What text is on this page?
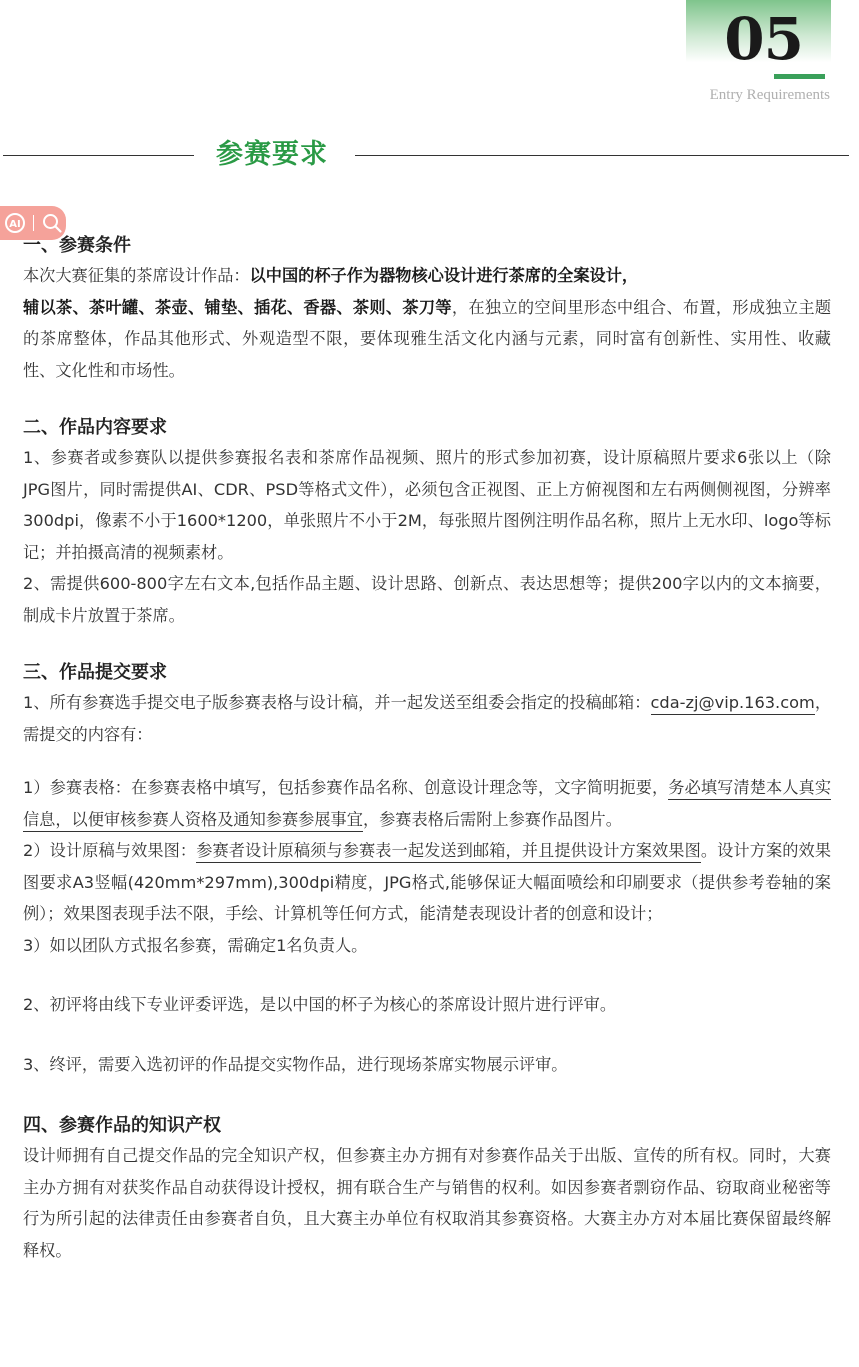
05
Entry Requirements
参赛要求
AI
一、参赛条件

本次大赛征集的茶席设计作品：以中国的杯子作为器物核心设计进行茶席的全案设计，
辅以茶、茶叶罐、茶壶、铺垫、插花、香器、茶则、茶刀等，在独立的空间里形态中组合、布置，形成独立主题的茶席整体，作品其他形式、外观造型不限，要体现雅生活文化内涵与元素，同时富有创新性、实用性、收藏性、文化性和市场性。

二、作品内容要求

1、参赛者或参赛队以提供参赛报名表和茶席作品视频、照片的形式参加初赛，设计原稿照片要求6张以上（除JPG图片，同时需提供AI、CDR、PSD等格式文件），必须包含正视图、正上方俯视图和左右两侧侧视图，分辨率300dpi，像素不小于1600*1200，单张照片不小于2M，每张照片图例注明作品名称，照片上无水印、logo等标记；并拍摄高清的视频素材。

2、需提供600-800字左右文本,包括作品主题、设计思路、创新点、表达思想等；提供200字以内的文本摘要，制成卡片放置于茶席。

三、作品提交要求

1、所有参赛选手提交电子版参赛表格与设计稿，并一起发送至组委会指定的投稿邮箱：cda-zj@vip.163.com，需提交的内容有：

1）参赛表格：在参赛表格中填写，包括参赛作品名称、创意设计理念等，文字简明扼要，务必填写清楚本人真实信息，以便审核参赛人资格及通知参赛参展事宜，参赛表格后需附上参赛作品图片。

2）设计原稿与效果图：参赛者设计原稿须与参赛表一起发送到邮箱，并且提供设计方案效果图。设计方案的效果图要求A3竖幅(420mm*297mm),300dpi精度，JPG格式,能够保证大幅面喷绘和印刷要求（提供参考卷轴的案例）；效果图表现手法不限，手绘、计算机等任何方式，能清楚表现设计者的创意和设计；

3）如以团队方式报名参赛，需确定1名负责人。

2、初评将由线下专业评委评选，是以中国的杯子为核心的茶席设计照片进行评审。

3、终评，需要入选初评的作品提交实物作品，进行现场茶席实物展示评审。

四、参赛作品的知识产权

设计师拥有自己提交作品的完全知识产权，但参赛主办方拥有对参赛作品关于出版、宣传的所有权。同时，大赛主办方拥有对获奖作品自动获得设计授权，拥有联合生产与销售的权利。如因参赛者剽窃作品、窃取商业秘密等行为所引起的法律责任由参赛者自负，且大赛主办单位有权取消其参赛资格。大赛主办方对本届比赛保留最终解释权。
